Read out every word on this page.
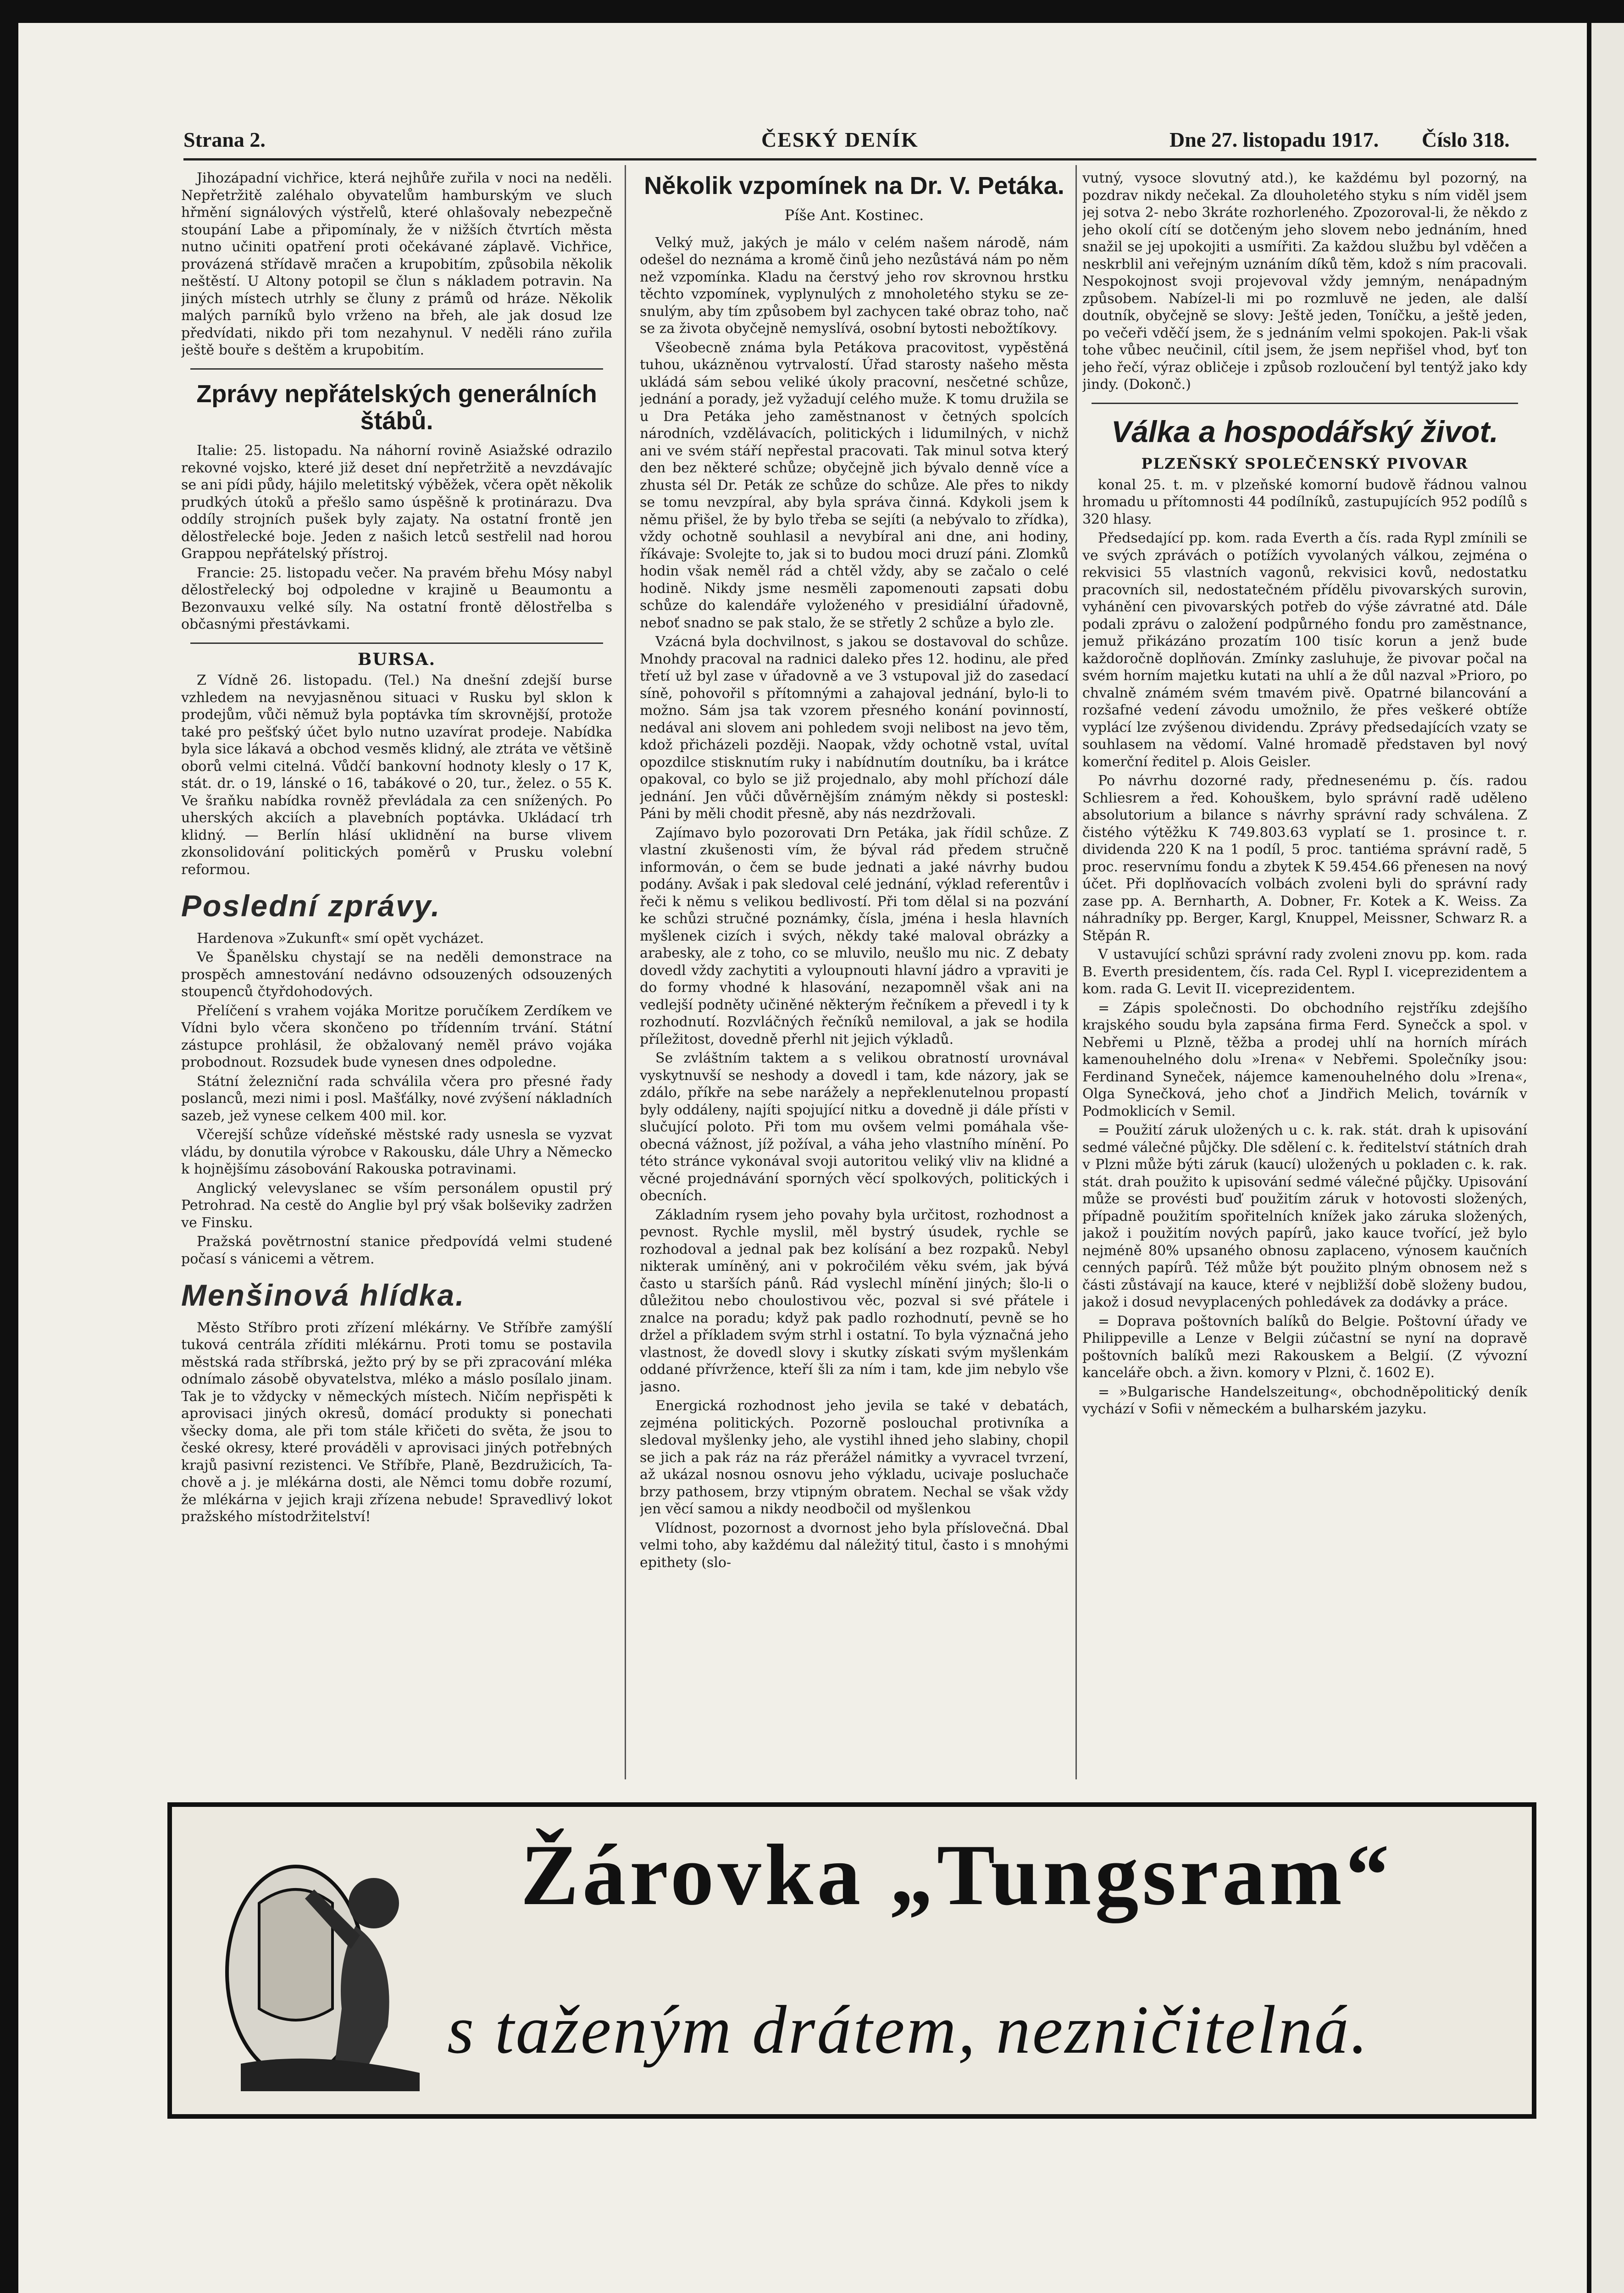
Strana 2.	ČESKÝ DENÍK	Dne 27. listopadu 1917. Číslo 318.

Jihozápadní vichřice, která nejhůře zuřila v noci na neděli. Nepřetržitě zaléhalo obyvatelům hamburským ve sluch hřmění signálových výstřelů, které ohlašovaly nebezpečně stoupání Labe a připomínaly, že v nižších čtvrtích města nutno učiniti opatření proti očekávané záplavě. Vichřice, provázená střídavě mračen a krupobitím, způsobila několik neštěstí. U Altony potopil se člun s nákladem potravin. Na jiných místech utrhly se čluny z prámů od hráze. Několik malých parníků bylo vrženo na břeh, ale jak dosud lze předvídati, nikdo při tom nezahynul. V neděli ráno zuřila ještě bouře s deštěm a krupobitím.

Zprávy nepřátelských generálních štábů.

Italie: 25. listopadu. Na náhorní rovině Asiažské odrazilo rekovné vojsko, které již deset dní nepřetržitě a nevzdávajíc se ani pídi půdy, hájilo meletitský výběžek, včera opět několik prudkých útoků a přešlo samo úspěšně k protinárazu. Dva oddíly strojních pušek byly zajaty. Na ostatní frontě jen dělostřelecké boje. Jeden z našich letců sestřelil nad horou Grappou nepřátelský přístroj.

Francie: 25. listopadu večer. Na pravém břehu Mósy nabyl dělostřelecký boj odpoledne v krajině u Beaumontu a Bezonvauxu velké síly. Na ostatní frontě dělostřelba s občasnými přestávkami.

BURSA.

Z Vídně 26. listopadu. (Tel.) Na dnešní zdejší burse vzhledem na nevyjasněnou situaci v Rusku byl sklon k prodejům, vůči němuž byla poptávka tím skrovnější, protože také pro pešťský účet bylo nutno uzavírat prodeje. Nabídka byla sice lákavá a obchod vesměs klidný, ale ztráta ve většině oborů velmi citelná. Vůdčí bankovní hodnoty klesly o 17 K, stát. dr. o 19, lánské o 16, tabákové o 20, tur., želez. o 55 K. Ve šraňku nabídka rovněž převládala za cen snížených. Po uherských akciích a plavebních poptávka. Ukládací trh klidný. — Berlín hlásí uklidnění na burse vlivem zkonsolidování politických poměrů v Prusku volební reformou.

Poslední zprávy.

Hardenova »Zukunft« smí opět vycházet.

Ve Španělsku chystají se na neděli demonstrace na prospěch amnestování nedávno odsouzených odsouzených stoupenců čtyřdohodových.

Přelíčení s vrahem vojáka Moritze poručíkem Zerdíkem ve Vídni bylo včera skončeno po třídenním trvání. Státní zástupce prohlásil, že obžalovaný neměl právo vojáka probodnout. Rozsudek bude vynesen dnes odpoledne.

Státní železniční rada schválila včera pro přesné řady poslanců, mezi nimi i posl. Mašťálky, nové zvýšení nákladních sazeb, jež vynese celkem 400 mil. kor.

Včerejší schůze vídeňské městské rady usnesla se vyzvat vládu, by donutila výrobce v Rakousku, dále Uhry a Německo k hojnějšímu zásobování Rakouska potravinami.

Anglický velevyslanec se vším personálem opustil prý Petrohrad. Na cestě do Anglie byl prý však bolševiky zadržen ve Finsku.

Pražská povětrnostní stanice předpovídá velmi studené počasí s vánicemi a větrem.

Menšinová hlídka.

Město Stříbro proti zřízení mlékárny. Ve Stříbře zamýšlí tuková centrála zříditi mlékárnu. Proti tomu se postavila městská rada stříbrská, ježto prý by se při zpracování mléka odnímalo zásobě obyvatelstva, mléko a máslo posílalo jinam. Tak je to vždycky v německých místech. Ničím nepřispěti k aprovisaci jiných okresů, domácí produkty si ponechati všecky doma, ale při tom stále křičeti do světa, že jsou to české okresy, které prováděli v aprovisaci jiných potřebných krajů pasivní rezistenci. Ve Stříbře, Planě, Bezdružicích, Tachově a j. je mlékárna dosti, ale Němci tomu dobře rozumí, že mlékárna v jejich kraji zřízena nebude! Spravedlivý lokot pražského místodržitelství!

Několik vzpomínek na Dr. V. Petáka.
Píše Ant. Kostinec.

Velký muž, jakých je málo v celém našem národě, nám odešel do neznáma a kromě činů jeho nezůstává nám po něm než vzpomínka. Kladu na čerstvý jeho rov skrovnou hrstku těchto vzpomínek, vyplynulých z mnoholetého styku se zesnulým, aby tím způsobem byl zachycen také obraz toho, nač se za života obyčejně nemyslívá, osobní bytosti nebožtíkovy.

Všeobecně známa byla Petákova pracovitost, vypěstěná tuhou, ukázněnou vytrvalostí. Úřad starosty našeho města ukládá sám sebou veliké úkoly pracovní, nesčetné schůze, jednání a porady, jež vyžadují celého muže. K tomu družila se u Dra Petáka jeho zaměstnanost v četných spolcích národních, vzdělávacích, politických i lidumilných, v nichž ani ve svém stáří nepřestal pracovati. Tak minul sotva který den bez některé schůze; obyčejně jich bývalo denně více a zhusta sél Dr. Peták ze schůze do schůze. Ale přes to nikdy se tomu nevzpíral, aby byla správa činná. Kdykoli jsem k němu přišel, že by bylo třeba se sejíti (a nebývalo to zřídka), vždy ochotně souhlasil a nevybíral ani dne, ani hodiny, říkávaje: Svolejte to, jak si to budou moci druzí páni. Zlomků hodin však neměl rád a chtěl vždy, aby se začalo o celé hodině. Nikdy jsme nesměli zapomenouti zapsati dobu schůze do kalendáře vyloženého v presidiální úřadovně, neboť snadno se pak stalo, že se střetly 2 schůze a bylo zle.

Vzácná byla dochvilnost, s jakou se dostavoval do schůze. Mnohdy pracoval na radnici daleko přes 12. hodinu, ale před třetí už byl zase v úřadovně a ve 3 vstupoval již do zasedací síně, pohovořil s přítomnými a zahajoval jednání, bylo-li to možno. Sám jsa tak vzorem přesného konání povinností, nedával ani slovem ani pohledem svoji nelibost na jevo těm, kdož přicházeli později. Naopak, vždy ochotně vstal, uvítal opozdilce stisknutím ruky i nabídnutím doutníku, ba i krátce opakoval, co bylo se již projednalo, aby mohl příchozí dále jednání. Jen vůči důvěrnějším známým někdy si posteskl: Páni by měli chodit přesně, aby nás nezdržovali.

Zajímavo bylo pozorovati Drn Petáka, jak řídil schůze. Z vlastní zkušenosti vím, že býval rád předem stručně informován, o čem se bude jednati a jaké návrhy budou podány. Avšak i pak sledoval celé jednání, výklad referentův i řeči k němu s velikou bedlivostí. Při tom dělal si na pozvání ke schůzi stručné poznámky, čísla, jména i hesla hlavních myšlenek cizích i svých, někdy také maloval obrázky a arabesky, ale z toho, co se mluvilo, neušlo mu nic. Z debaty dovedl vždy zachytiti a vyloupnouti hlavní jádro a vpraviti je do formy vhodné k hlasování, nezapomněl však ani na vedlejší podněty učiněné některým řečníkem a převedl i ty k rozhodnutí. Rozvláčných řečníků nemiloval, a jak se hodila příležitost, dovedně přerhl nit jejich výkladů.

Se zvláštním taktem a s velikou obratností urovnával vyskytnuvší se neshody a dovedl i tam, kde názory, jak se zdálo, příkře na sebe narážely a nepřeklenutelnou propastí byly oddáleny, najíti spojující nitku a dovedně ji dále přísti v slučující poloto. Při tom mu ovšem velmi pomáhala všeobecná vážnost, jíž požíval, a váha jeho vlastního mínění. Po této stránce vykonával svoji autoritou veliký vliv na klidné a věcné projednávání sporných věcí spolkových, politických i obecních.

Základním rysem jeho povahy byla určitost, rozhodnost a pevnost. Rychle myslil, měl bystrý úsudek, rychle se rozhodoval a jednal pak bez kolísání a bez rozpaků. Nebyl nikterak umíněný, ani v pokročilém věku svém, jak bývá často u starších pánů. Rád vyslechl mínění jiných; šlo-li o důležitou nebo choulostivou věc, pozval si své přátele i znalce na poradu; když pak padlo rozhodnutí, pevně se ho držel a příkladem svým strhl i ostatní. To byla význačná jeho vlastnost, že dovedl slovy i skutky získati svým myšlenkám oddané přívržence, kteří šli za ním i tam, kde jim nebylo vše jasno.

Energická rozhodnost jeho jevila se také v debatách, zejména politických. Pozorně poslouchal protivníka a sledoval myšlenky jeho, ale vystihl ihned jeho slabiny, chopil se jich a pak ráz na ráz přerážel námitky a vyvracel tvrzení, až ukázal nosnou osnovu jeho výkladu, ucivaje posluchače brzy pathosem, brzy vtipným obratem. Nechal se však vždy jen věcí samou a nikdy neodbočil od myšlenkou

Vlídnost, pozornost a dvornost jeho byla příslovečná. Dbal velmi toho, aby každému dal náležitý titul, často i s mnohými epithety (slo-

vutný, vysoce slovutný atd.), ke každému byl pozorný, na pozdrav nikdy nečekal. Za dlouholetého styku s ním viděl jsem jej sotva 2- nebo 3kráte rozhorleného. Zpozoroval-li, že někdo z jeho okolí cítí se dotčeným jeho slovem nebo jednáním, hned snažil se jej upokojiti a usmířiti. Za každou službu byl vděčen a neskrblil ani veřejným uznáním díků těm, kdož s ním pracovali. Nespokojnost svoji projevoval vždy jemným, nenápadným způsobem. Nabízel-li mi po rozmluvě ne jeden, ale další doutník, obyčejně se slovy: Ještě jeden, Toníčku, a ještě jeden, po večeři vděčí jsem, že s jednáním velmi spokojen. Pak-li však tohe vůbec neučinil, cítil jsem, že jsem nepřišel vhod, byť ton jeho řečí, výraz obličeje i způsob rozloučení byl tentýž jako kdy jindy. (Dokonč.)

Válka a hospodářský život.
PLZEŇSKÝ SPOLEČENSKÝ PIVOVAR

konal 25. t. m. v plzeňské komorní budově řádnou valnou hromadu u přítomnosti 44 podílníků, zastupujících 952 podílů s 320 hlasy.

Předsedající pp. kom. rada Everth a čís. rada Rypl zmínili se ve svých zprávách o potížích vyvolaných válkou, zejména o rekvisici 55 vlastních vagonů, rekvisici kovů, nedostatku pracovních sil, nedostatečném přídělu pivovarských surovin, vyhánění cen pivovarských potřeb do výše závratné atd. Dále podali zprávu o založení podpůrného fondu pro zaměstnance, jemuž přikázáno prozatím 100 tisíc korun a jenž bude každoročně doplňován. Zmínky zasluhuje, že pivovar počal na svém horním majetku kutati na uhlí a že důl nazval »Prioro, po chvalně známém svém tmavém pivě. Opatrné bilancování a rozšafné vedení závodu umožnilo, že přes veškeré obtíže vyplácí lze zvýšenou dividendu. Zprávy předsedajících vzaty se souhlasem na vědomí. Valné hromadě představen byl nový komerční ředitel p. Alois Geisler.

Po návrhu dozorné rady, přednesenému p. čís. radou Schliesrem a řed. Kohouškem, bylo správní radě uděleno absolutorium a bilance s návrhy správní rady schválena. Z čistého výtěžku K 749.803.63 vyplatí se 1. prosince t. r. dividenda 220 K na 1 podíl, 5 proc. tantiéma správní radě, 5 proc. reservnímu fondu a zbytek K 59.454.66 přenesen na nový účet. Při doplňovacích volbách zvoleni byli do správní rady zase pp. A. Bernharth, A. Dobner, Fr. Kotek a K. Weiss. Za náhradníky pp. Berger, Kargl, Knuppel, Meissner, Schwarz R. a Stěpán R.

V ustavující schůzi správní rady zvoleni znovu pp. kom. rada B. Everth presidentem, čís. rada Cel. Rypl I. viceprezidentem a kom. rada G. Levit II. viceprezidentem.

= Zápis společnosti. Do obchodního rejstříku zdejšího krajského soudu byla zapsána firma Ferd. Synečck a spol. v Nebřemi u Plzně, těžba a prodej uhlí na horních mírách kamenouhelného dolu »Irena« v Nebřemi. Společníky jsou: Ferdinand Syneček, nájemce kamenouhelného dolu »Irena«, Olga Synečková, jeho choť a Jindřich Melich, továrník v Podmoklicích v Semil.

= Použití záruk uložených u c. k. rak. stát. drah k upisování sedmé válečné půjčky. Dle sdělení c. k. ředitelství státních drah v Plzni může býti záruk (kaucí) uložených u pokladen c. k. rak. stát. drah použito k upisování sedmé válečné půjčky. Upisování může se provésti buď použitím záruk v hotovosti složených, případně použitím spořitelních knížek jako záruka složených, jakož i použitím nových papírů, jako kauce tvořící, jež bylo nejméně 80% upsaného obnosu zaplaceno, výnosem kaučních cenných papírů. Též může být použito plným obnosem než s části zůstávají na kauce, které v nejbližší době složeny budou, jakož i dosud nevyplacených pohledávek za dodávky a práce.

= Doprava poštovních balíků do Belgie. Poštovní úřady ve Philippeville a Lenze v Belgii zúčastní se nyní na dopravě poštovních balíků mezi Rakouskem a Belgií. (Z vývozní kanceláře obch. a živn. komory v Plzni, č. 1602 E).

= »Bulgarische Handelszeitung«, obchodněpolitický deník vychází v Sofii v německém a bulharském jazyku.

Žárovka „Tungsram“
s taženým drátem, nezničitelná.
